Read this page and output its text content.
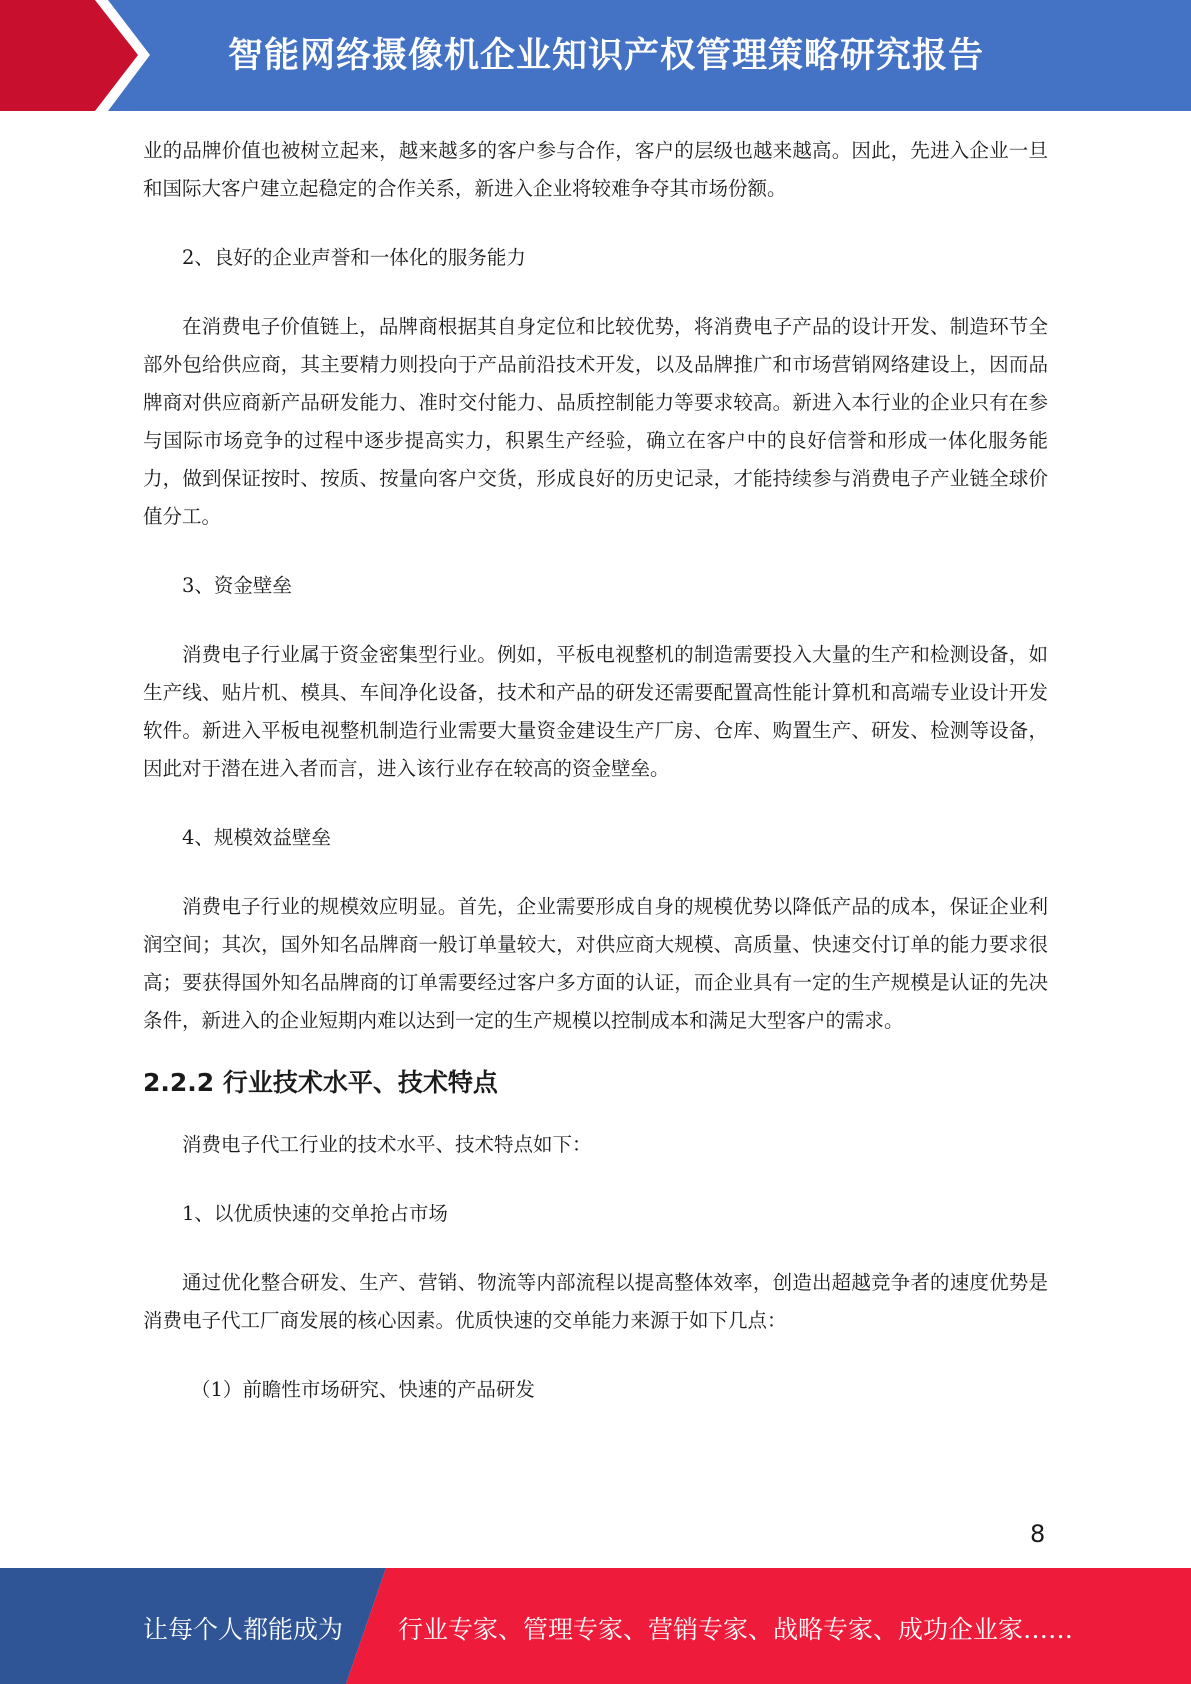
智能网络摄像机企业知识产权管理策略研究报告

业的品牌价值也被树立起来，越来越多的客户参与合作，客户的层级也越来越高。因此，先进入企业一旦和国际大客户建立起稳定的合作关系，新进入企业将较难争夺其市场份额。

2、良好的企业声誉和一体化的服务能力

在消费电子价值链上，品牌商根据其自身定位和比较优势，将消费电子产品的设计开发、制造环节全部外包给供应商，其主要精力则投向于产品前沿技术开发，以及品牌推广和市场营销网络建设上，因而品牌商对供应商新产品研发能力、准时交付能力、品质控制能力等要求较高。新进入本行业的企业只有在参与国际市场竞争的过程中逐步提高实力，积累生产经验，确立在客户中的良好信誉和形成一体化服务能力，做到保证按时、按质、按量向客户交货，形成良好的历史记录，才能持续参与消费电子产业链全球价值分工。

3、资金壁垒

消费电子行业属于资金密集型行业。例如，平板电视整机的制造需要投入大量的生产和检测设备，如生产线、贴片机、模具、车间净化设备，技术和产品的研发还需要配置高性能计算机和高端专业设计开发软件。新进入平板电视整机制造行业需要大量资金建设生产厂房、仓库、购置生产、研发、检测等设备，因此对于潜在进入者而言，进入该行业存在较高的资金壁垒。

4、规模效益壁垒

消费电子行业的规模效应明显。首先，企业需要形成自身的规模优势以降低产品的成本，保证企业利润空间；其次，国外知名品牌商一般订单量较大，对供应商大规模、高质量、快速交付订单的能力要求很高；要获得国外知名品牌商的订单需要经过客户多方面的认证，而企业具有一定的生产规模是认证的先决条件，新进入的企业短期内难以达到一定的生产规模以控制成本和满足大型客户的需求。

2.2.2 行业技术水平、技术特点

消费电子代工行业的技术水平、技术特点如下：

1、以优质快速的交单抢占市场

通过优化整合研发、生产、营销、物流等内部流程以提高整体效率，创造出超越竞争者的速度优势是消费电子代工厂商发展的核心因素。优质快速的交单能力来源于如下几点：

（1）前瞻性市场研究、快速的产品研发

8
让每个人都能成为 行业专家、管理专家、营销专家、战略专家、成功企业家……
